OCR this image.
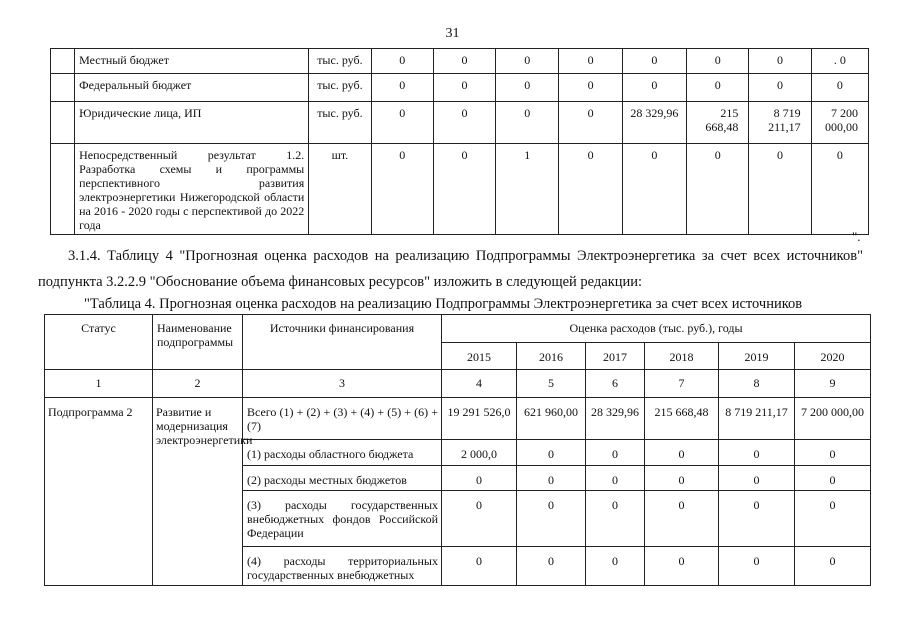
31
	Местный бюджет	тыс. руб.	0	0	0	0	0	0	0	. 0
	Федеральный бюджет	тыс. руб.	0	0	0	0	0	0	0	0
	Юридические лица, ИП	тыс. руб.	0	0	0	0	28 329,96	215 668,48	8 719 211,17	7 200 000,00
	Непосредственный результат 1.2. Разработка схемы и программы перспективного развития электроэнергетики Нижегородской области на 2016 - 2020 годы с перспективой до 2022 года	шт.	0	0	1	0	0	0	0	0
".
3.1.4. Таблицу 4 "Прогнозная оценка расходов на реализацию Подпрограммы Электроэнергетика за счет всех источников" подпункта 3.2.2.9 "Обоснование объема финансовых ресурсов" изложить в следующей редакции:
"Таблица 4. Прогнозная оценка расходов на реализацию Подпрограммы Электроэнергетика за счет всех источников
Статус	Наименование подпрограммы	Источники финансирования	Оценка расходов (тыс. руб.), годы					
			2015	2016	2017	2018	2019	2020
1	2	3	4	5	6	7	8	9
Подпрограмма 2	Развитие и модернизация электроэнергетики	Всего (1) + (2) + (3) + (4) + (5) + (6) + (7)	19 291 526,0	621 960,00	28 329,96	215 668,48	8 719 211,17	7 200 000,00
		(1) расходы областного бюджета	2 000,0	0	0	0	0	0
		(2) расходы местных бюджетов	0	0	0	0	0	0
		(3) расходы государственных внебюджетных фондов Российской Федерации	0	0	0	0	0	0
		(4) расходы территориальных государственных внебюджетных	0	0	0	0	0	0
